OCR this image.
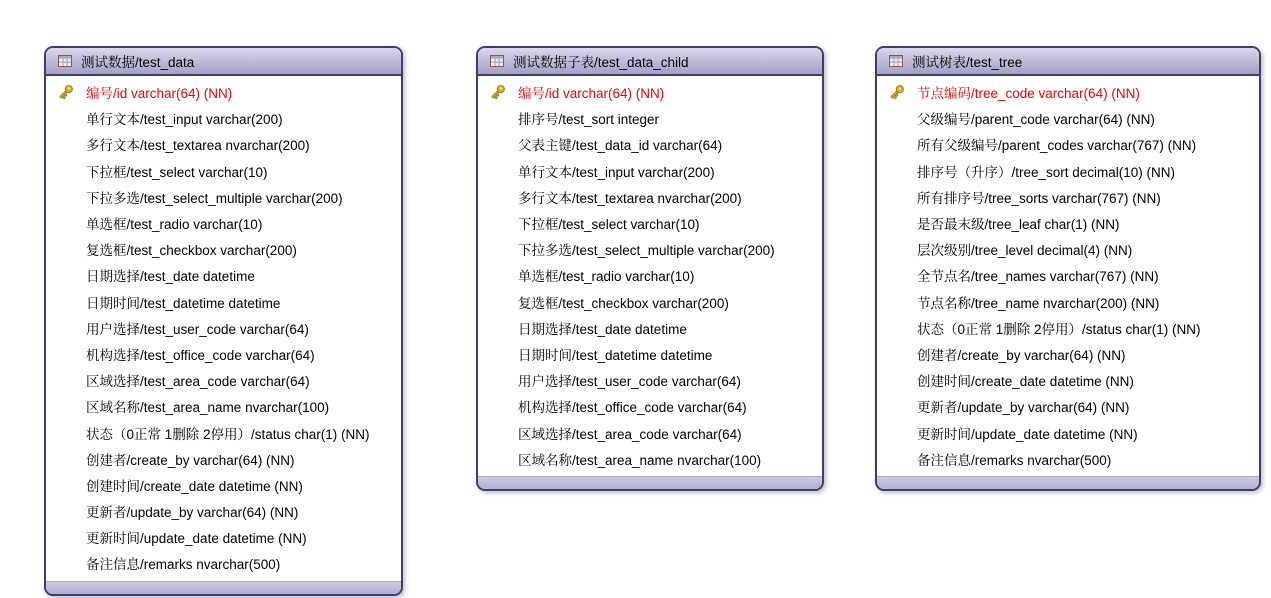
测试数据/test_data
编号/id varchar(64) (NN)
单行文本/test_input varchar(200)
多行文本/test_textarea nvarchar(200)
下拉框/test_select varchar(10)
下拉多选/test_select_multiple varchar(200)
单选框/test_radio varchar(10)
复选框/test_checkbox varchar(200)
日期选择/test_date datetime
日期时间/test_datetime datetime
用户选择/test_user_code varchar(64)
机构选择/test_office_code varchar(64)
区域选择/test_area_code varchar(64)
区域名称/test_area_name nvarchar(100)
状态（0正常 1删除 2停用）/status char(1) (NN)
创建者/create_by varchar(64) (NN)
创建时间/create_date datetime (NN)
更新者/update_by varchar(64) (NN)
更新时间/update_date datetime (NN)
备注信息/remarks nvarchar(500)
测试数据子表/test_data_child
编号/id varchar(64) (NN)
排序号/test_sort integer
父表主键/test_data_id varchar(64)
单行文本/test_input varchar(200)
多行文本/test_textarea nvarchar(200)
下拉框/test_select varchar(10)
下拉多选/test_select_multiple varchar(200)
单选框/test_radio varchar(10)
复选框/test_checkbox varchar(200)
日期选择/test_date datetime
日期时间/test_datetime datetime
用户选择/test_user_code varchar(64)
机构选择/test_office_code varchar(64)
区域选择/test_area_code varchar(64)
区域名称/test_area_name nvarchar(100)
测试树表/test_tree
节点编码/tree_code varchar(64) (NN)
父级编号/parent_code varchar(64) (NN)
所有父级编号/parent_codes varchar(767) (NN)
排序号（升序）/tree_sort decimal(10) (NN)
所有排序号/tree_sorts varchar(767) (NN)
是否最末级/tree_leaf char(1) (NN)
层次级别/tree_level decimal(4) (NN)
全节点名/tree_names varchar(767) (NN)
节点名称/tree_name nvarchar(200) (NN)
状态（0正常 1删除 2停用）/status char(1) (NN)
创建者/create_by varchar(64) (NN)
创建时间/create_date datetime (NN)
更新者/update_by varchar(64) (NN)
更新时间/update_date datetime (NN)
备注信息/remarks nvarchar(500)
